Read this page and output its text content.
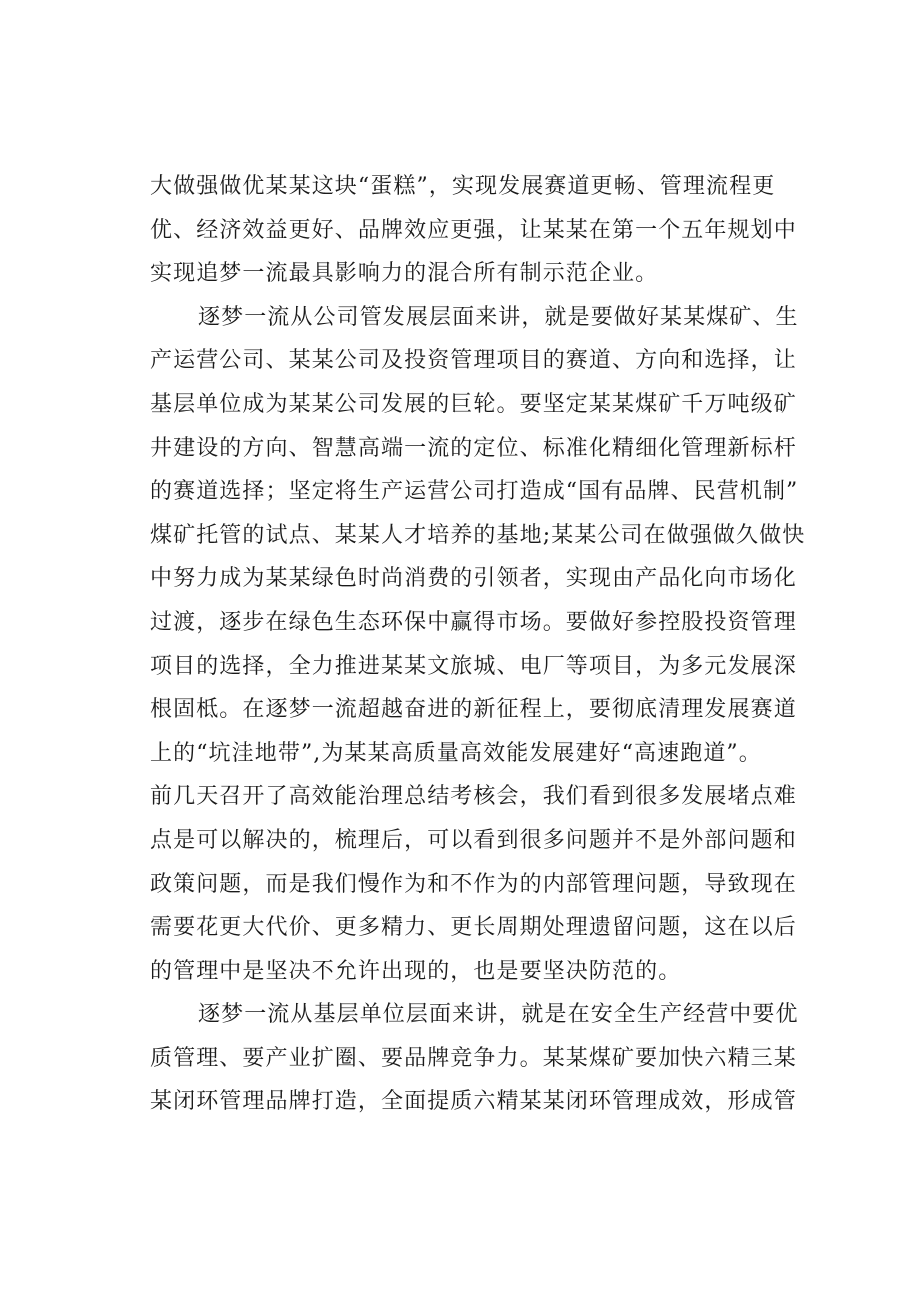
大做强做优某某这块“蛋糕”，实现发展赛道更畅、管理流程更
优、经济效益更好、品牌效应更强，让某某在第一个五年规划中
实现追梦一流最具影响力的混合所有制示范企业。
逐梦一流从公司管发展层面来讲，就是要做好某某煤矿、生
产运营公司、某某公司及投资管理项目的赛道、方向和选择，让
基层单位成为某某公司发展的巨轮。要坚定某某煤矿千万吨级矿
井建设的方向、智慧高端一流的定位、标准化精细化管理新标杆
的赛道选择；坚定将生产运营公司打造成“国有品牌、民营机制”
煤矿托管的试点、某某人才培养的基地;某某公司在做强做久做快
中努力成为某某绿色时尚消费的引领者，实现由产品化向市场化
过渡，逐步在绿色生态环保中赢得市场。要做好参控股投资管理
项目的选择，全力推进某某文旅城、电厂等项目，为多元发展深
根固柢。在逐梦一流超越奋进的新征程上，要彻底清理发展赛道
上的“坑洼地带”,为某某高质量高效能发展建好“高速跑道”。
前几天召开了高效能治理总结考核会，我们看到很多发展堵点难
点是可以解决的，梳理后，可以看到很多问题并不是外部问题和
政策问题，而是我们慢作为和不作为的内部管理问题，导致现在
需要花更大代价、更多精力、更长周期处理遗留问题，这在以后
的管理中是坚决不允许出现的，也是要坚决防范的。
逐梦一流从基层单位层面来讲，就是在安全生产经营中要优
质管理、要产业扩圈、要品牌竞争力。某某煤矿要加快六精三某
某闭环管理品牌打造，全面提质六精某某闭环管理成效，形成管
